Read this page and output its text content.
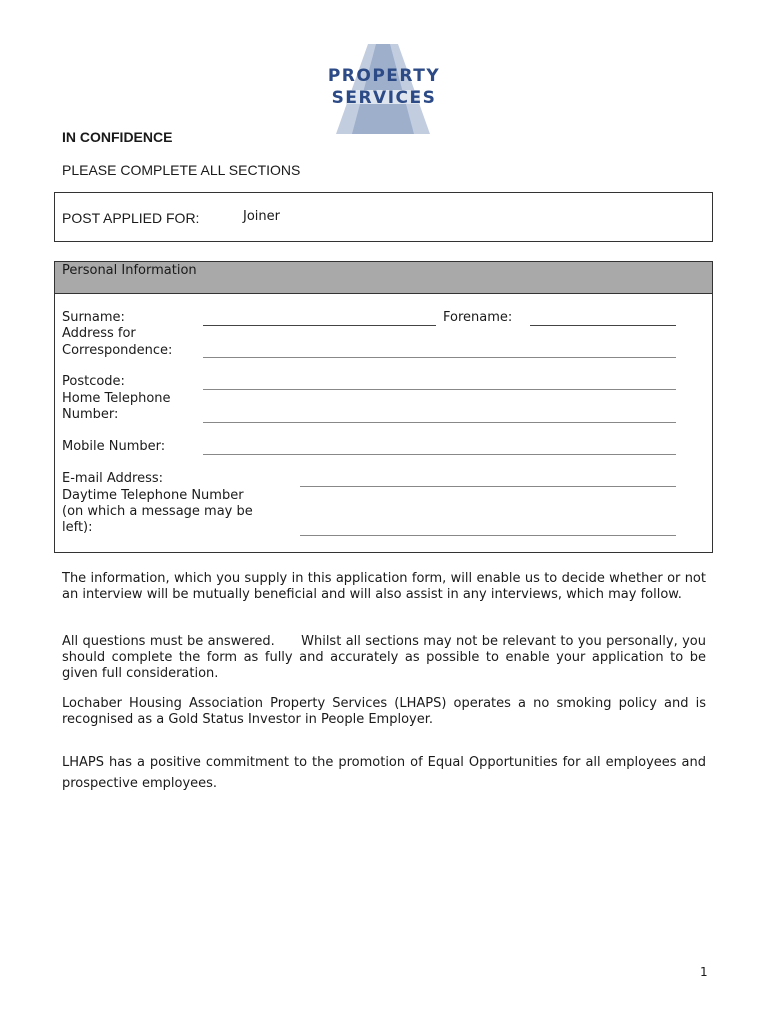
PROPERTY
SERVICES
IN CONFIDENCE
PLEASE COMPLETE ALL SECTIONS
POST APPLIED FOR:	Joiner
Personal Information
Surname:	Forename:
Address for
Correspondence:
Postcode:
Home Telephone
Number:
Mobile Number:
E-mail Address:
Daytime Telephone Number
(on which a message may be
left):
The information, which you supply in this application form, will enable us to decide whether or not an interview will be mutually beneficial and will also assist in any interviews, which may follow.
All questions must be answered.      Whilst all sections may not be relevant to you personally, you should complete the form as fully and accurately as possible to enable your application to be given full consideration.
Lochaber Housing Association Property Services (LHAPS) operates a no smoking policy and is recognised as a Gold Status Investor in People Employer.
LHAPS has a positive commitment to the promotion of Equal Opportunities for all employees and prospective employees.
1
